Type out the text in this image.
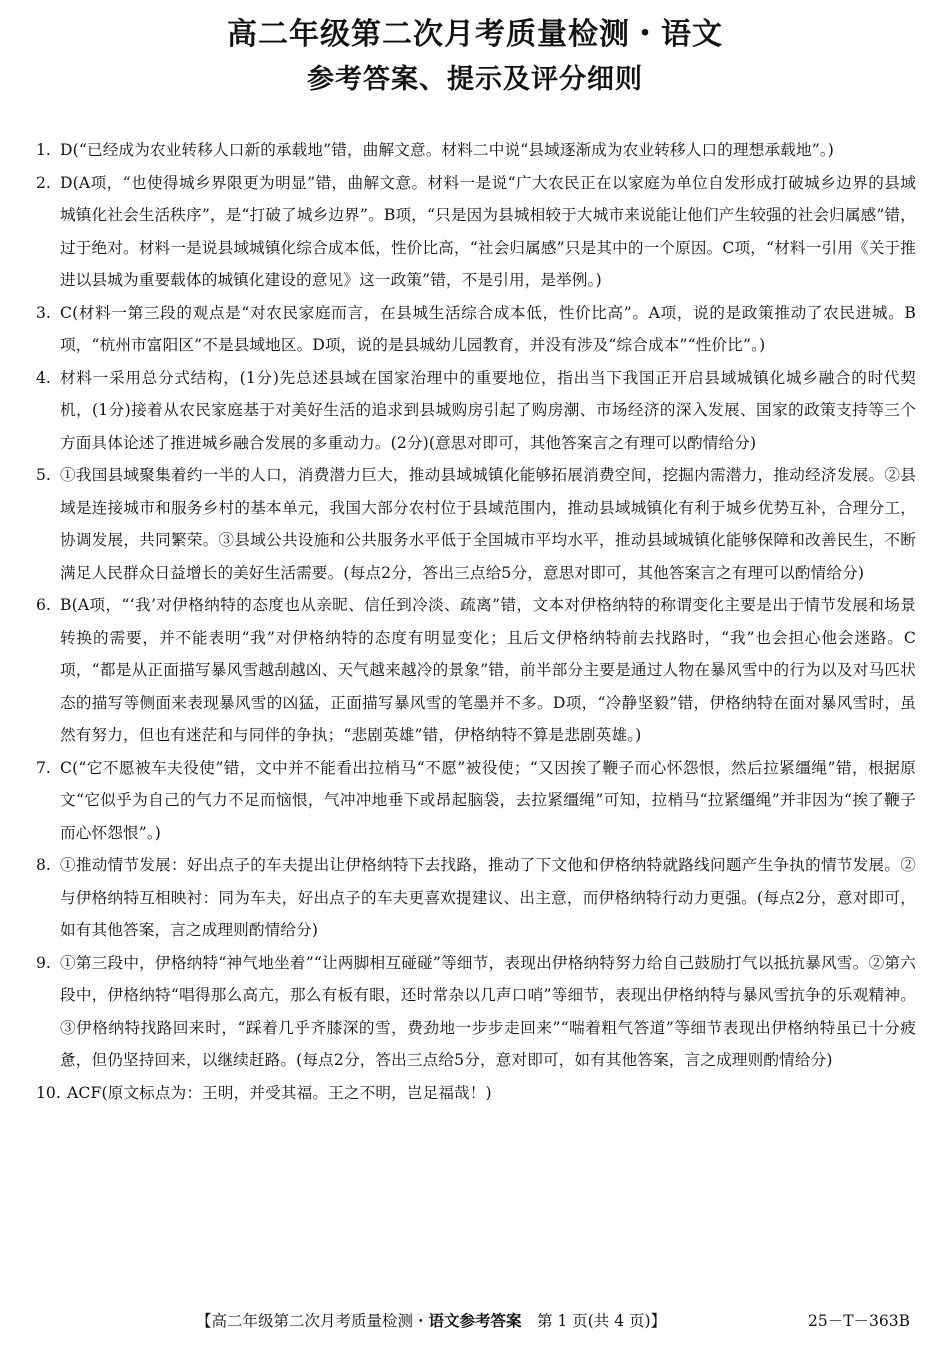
高二年级第二次月考质量检测・语文
参考答案、提示及评分细则
1. D(“已经成为农业转移人口新的承载地”错，曲解文意。材料二中说“县域逐渐成为农业转移人口的理想承载地”。)
2. D(A项，“也使得城乡界限更为明显”错，曲解文意。材料一是说“广大农民正在以家庭为单位自发形成打破城乡边界的县域城镇化社会生活秩序”，是“打破了城乡边界”。B项，“只是因为县城相较于大城市来说能让他们产生较强的社会归属感”错，过于绝对。材料一是说县域城镇化综合成本低，性价比高，“社会归属感”只是其中的一个原因。C项，“材料一引用《关于推进以县城为重要载体的城镇化建设的意见》这一政策”错，不是引用，是举例。)
3. C(材料一第三段的观点是“对农民家庭而言，在县城生活综合成本低，性价比高”。A项，说的是政策推动了农民进城。B项，“杭州市富阳区”不是县域地区。D项，说的是县城幼儿园教育，并没有涉及“综合成本”“性价比”。)
4. 材料一采用总分式结构，(1分)先总述县域在国家治理中的重要地位，指出当下我国正开启县域城镇化城乡融合的时代契机，(1分)接着从农民家庭基于对美好生活的追求到县城购房引起了购房潮、市场经济的深入发展、国家的政策支持等三个方面具体论述了推进城乡融合发展的多重动力。(2分)(意思对即可，其他答案言之有理可以酌情给分)
5. ①我国县域聚集着约一半的人口，消费潜力巨大，推动县域城镇化能够拓展消费空间，挖掘内需潜力，推动经济发展。②县域是连接城市和服务乡村的基本单元，我国大部分农村位于县域范围内，推动县域城镇化有利于城乡优势互补，合理分工，协调发展，共同繁荣。③县域公共设施和公共服务水平低于全国城市平均水平，推动县域城镇化能够保障和改善民生，不断满足人民群众日益增长的美好生活需要。(每点2分，答出三点给5分，意思对即可，其他答案言之有理可以酌情给分)
6. B(A项，“‘我’对伊格纳特的态度也从亲昵、信任到冷淡、疏离”错，文本对伊格纳特的称谓变化主要是出于情节发展和场景转换的需要，并不能表明“我”对伊格纳特的态度有明显变化；且后文伊格纳特前去找路时，“我”也会担心他会迷路。C项，“都是从正面描写暴风雪越刮越凶、天气越来越冷的景象”错，前半部分主要是通过人物在暴风雪中的行为以及对马匹状态的描写等侧面来表现暴风雪的凶猛，正面描写暴风雪的笔墨并不多。D项，“冷静坚毅”错，伊格纳特在面对暴风雪时，虽然有努力，但也有迷茫和与同伴的争执；“悲剧英雄”错，伊格纳特不算是悲剧英雄。)
7. C(“它不愿被车夫役使”错，文中并不能看出拉梢马“不愿”被役使；“又因挨了鞭子而心怀怨恨，然后拉紧缰绳”错，根据原文“它似乎为自己的气力不足而恼恨，气冲冲地垂下或昂起脑袋，去拉紧缰绳”可知，拉梢马“拉紧缰绳”并非因为“挨了鞭子而心怀怨恨”。)
8. ①推动情节发展：好出点子的车夫提出让伊格纳特下去找路，推动了下文他和伊格纳特就路线问题产生争执的情节发展。②与伊格纳特互相映衬：同为车夫，好出点子的车夫更喜欢提建议、出主意，而伊格纳特行动力更强。(每点2分，意对即可，如有其他答案，言之成理则酌情给分)
9. ①第三段中，伊格纳特“神气地坐着”“让两脚相互碰碰”等细节，表现出伊格纳特努力给自己鼓励打气以抵抗暴风雪。②第六段中，伊格纳特“唱得那么高亢，那么有板有眼，还时常杂以几声口哨”等细节，表现出伊格纳特与暴风雪抗争的乐观精神。③伊格纳特找路回来时，“踩着几乎齐膝深的雪，费劲地一步步走回来”“喘着粗气答道”等细节表现出伊格纳特虽已十分疲惫，但仍坚持回来，以继续赶路。(每点2分，答出三点给5分，意对即可，如有其他答案，言之成理则酌情给分)
10. ACF(原文标点为：王明，并受其福。王之不明，岂足福哉！)
【高二年级第二次月考质量检测・语文参考答案　第 1 页(共 4 页)】	25－T－363B
